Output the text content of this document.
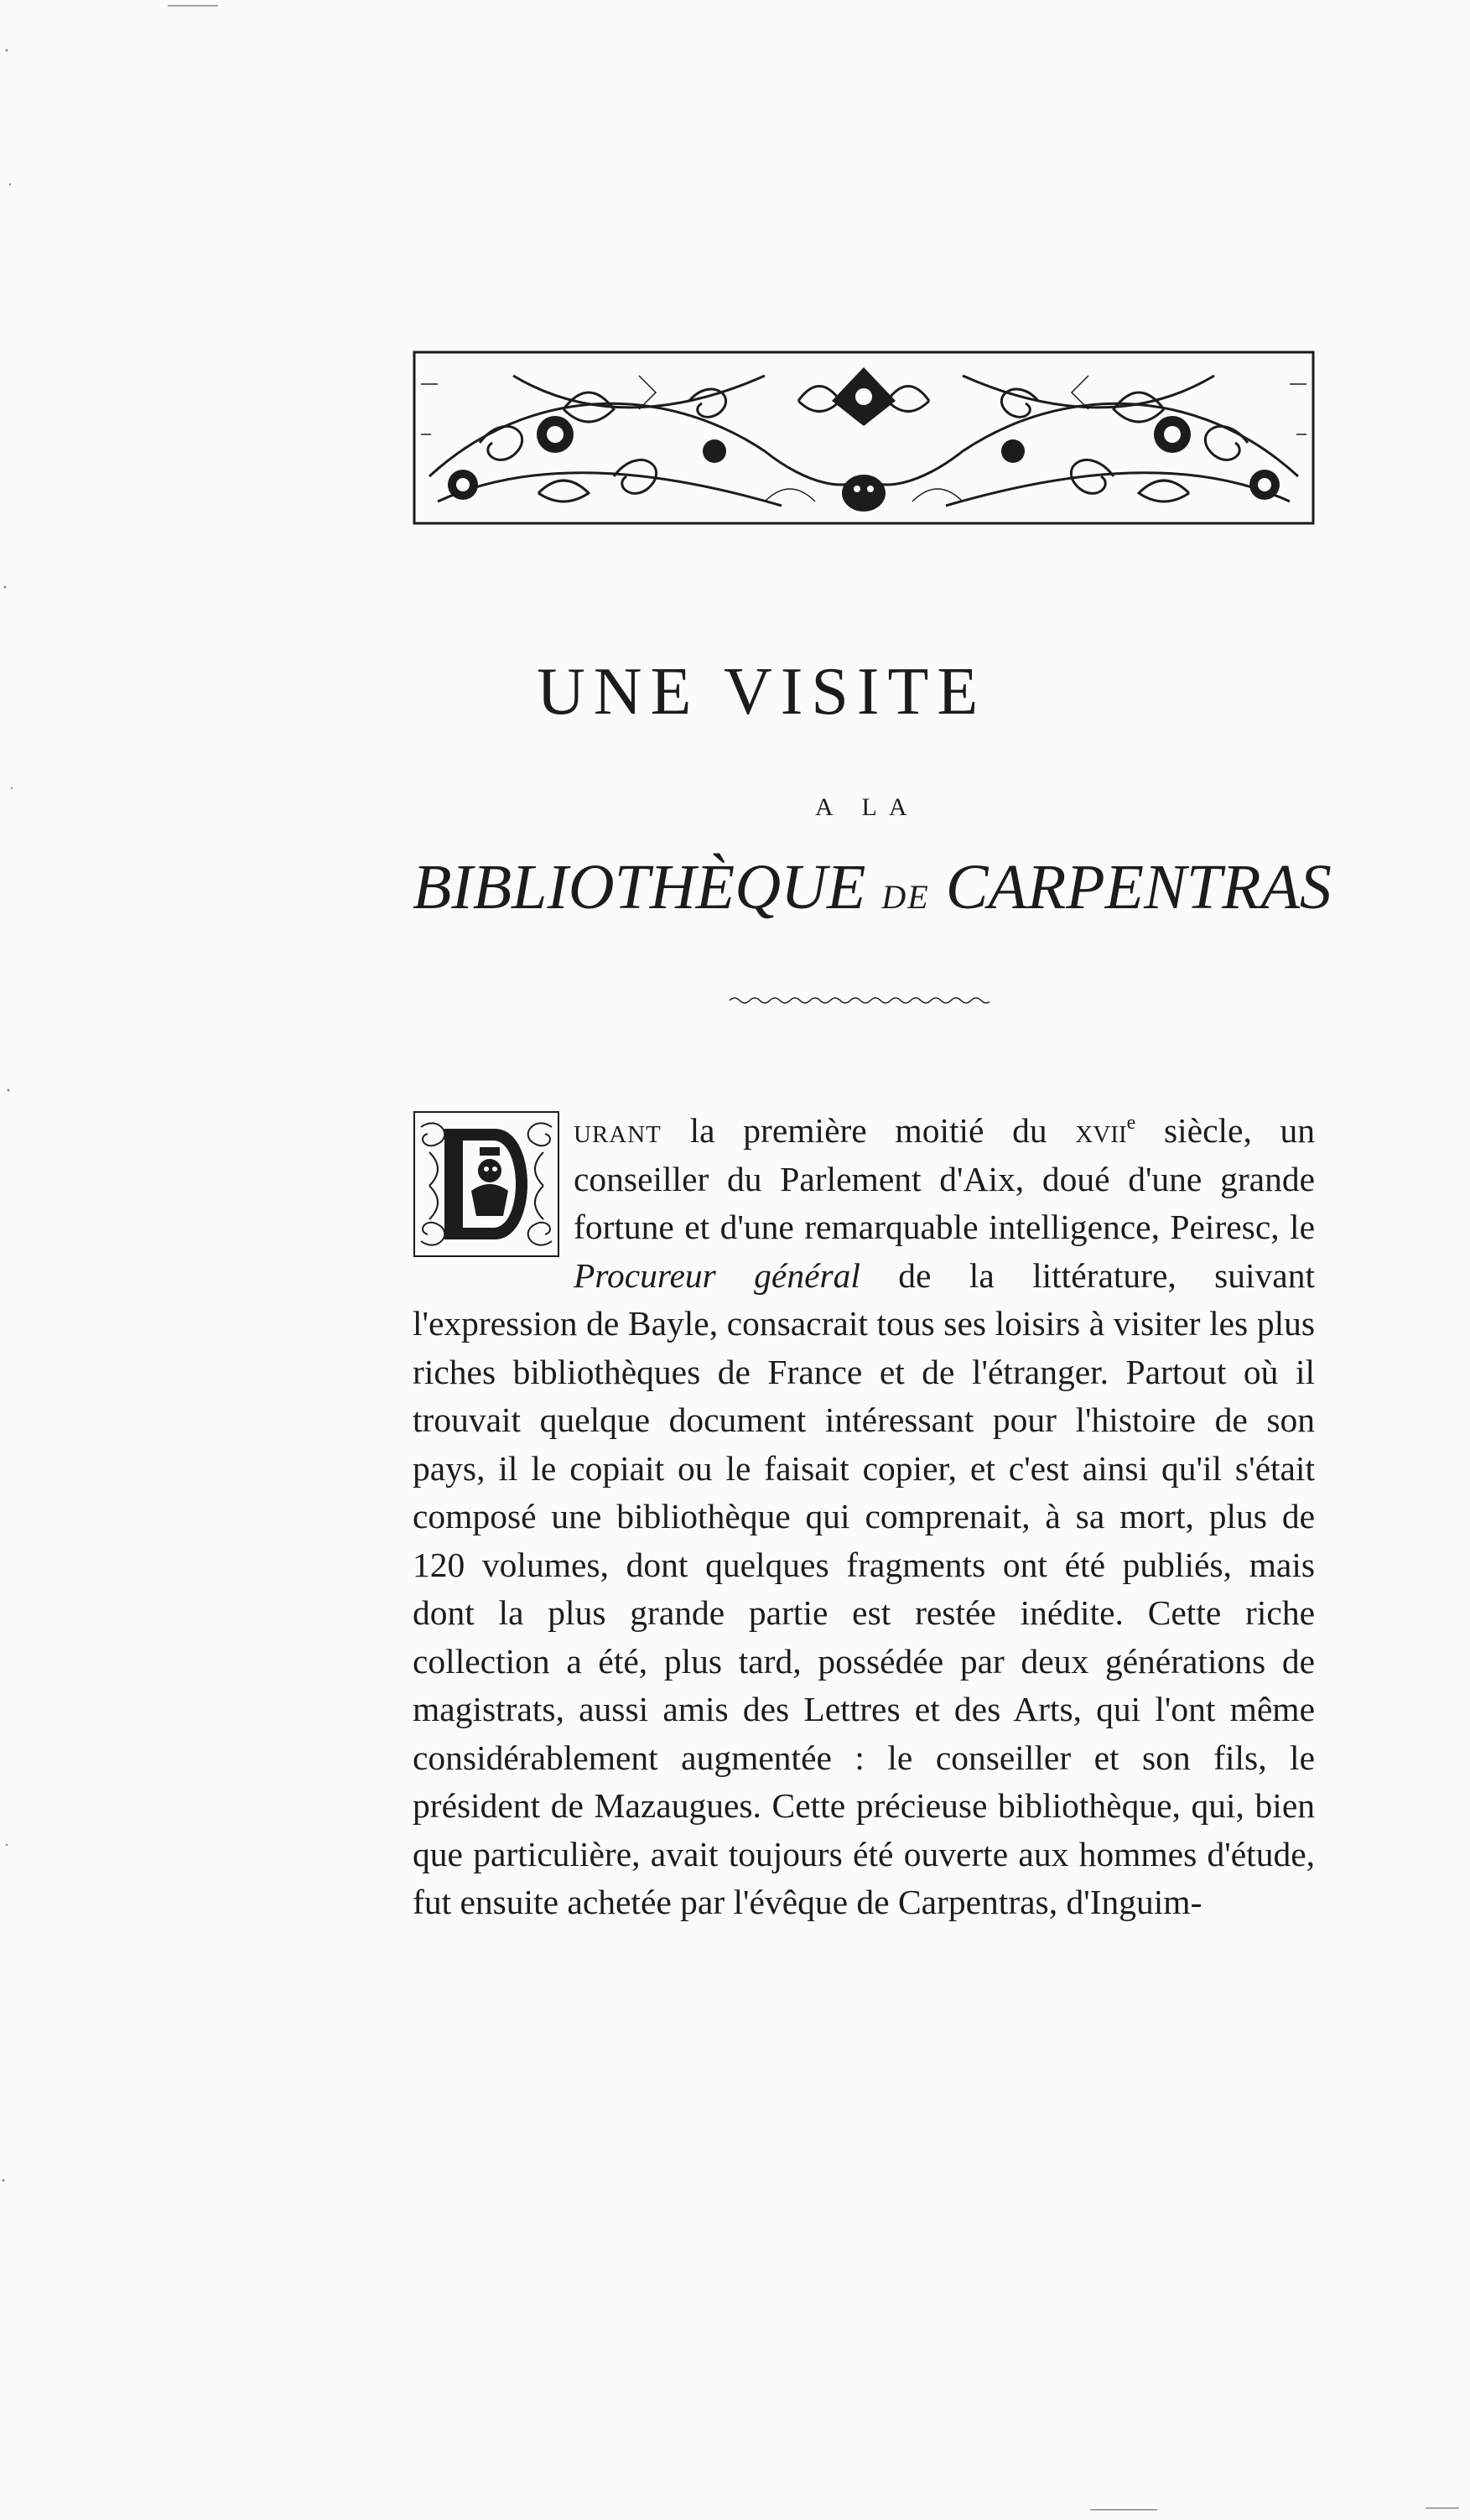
UNE VISITE
A LA
BIBLIOTHÈQUE DE CARPENTRAS

urant la première moitié du xvii$^e$ siècle, un conseiller du Parlement d'Aix, doué d'une grande fortune et d'une remarquable intelligence, Peiresc, le Procureur général de la littérature, suivant l'expression de Bayle, consacrait tous ses loisirs à visiter les plus riches bibliothèques de France et de l'étranger. Partout où il trouvait quelque document intéressant pour l'histoire de son pays, il le copiait ou le faisait copier, et c'est ainsi qu'il s'était composé une bibliothèque qui comprenait, à sa mort, plus de 120 volumes, dont quelques fragments ont été publiés, mais dont la plus grande partie est restée inédite. Cette riche collection a été, plus tard, possédée par deux générations de magistrats, aussi amis des Lettres et des Arts, qui l'ont même considérablement augmentée : le conseiller et son fils, le président de Mazaugues. Cette précieuse bibliothèque, qui, bien que particulière, avait toujours été ouverte aux hommes d'étude, fut ensuite achetée par l'évêque de Carpentras, d'Inguim-
